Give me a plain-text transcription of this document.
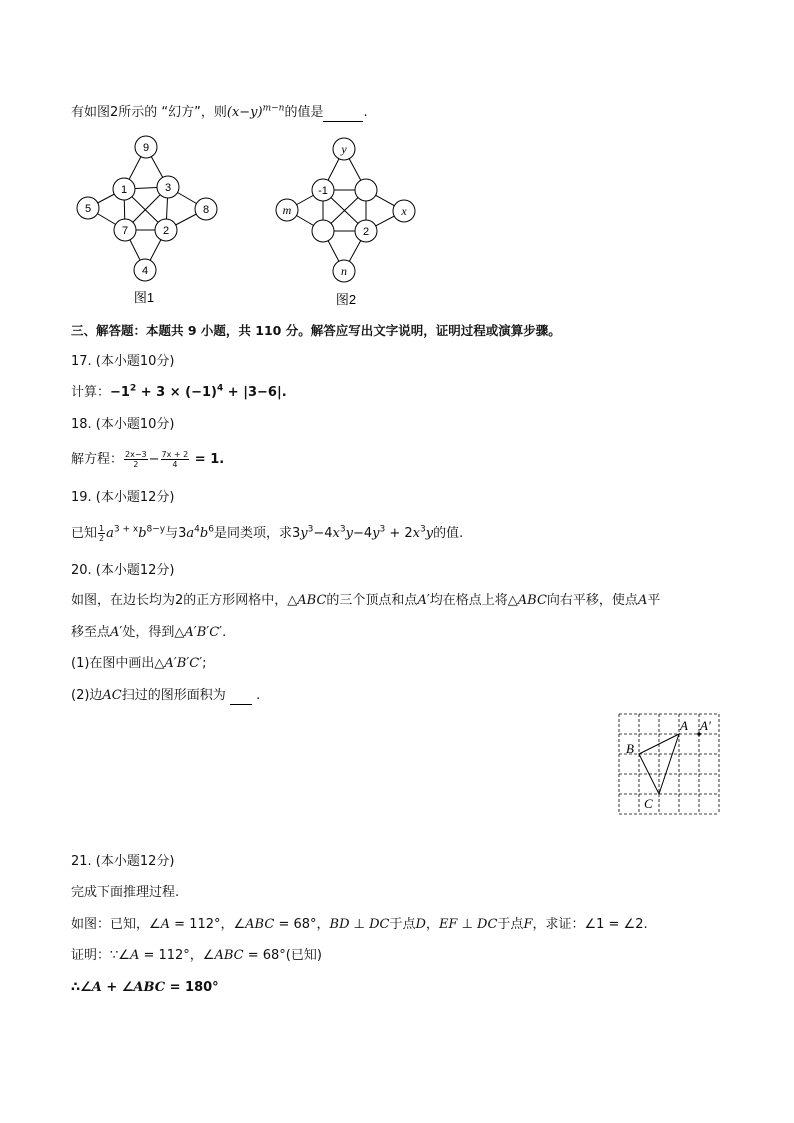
有如图2所示的 “幻方”，则$(x-y)^{m-n}$的值是	.
9
1	3
5	8
7	2
4
图1
y
-1
m	x
2
n
图2
三、解答题：本题共 9 小题，共 110 分。解答应写出文字说明，证明过程或演算步骤。
17. (本小题10分)
计算：$-1^2 + 3 \times (-1)^4 + |3-6|$.
18. (本小题10分)
解方程： $\frac{2x-3}{2} - \frac{7x + 2}{4} = 1$.
19. (本小题12分)
已知 $\frac{1}{2} a^{3 + x}b^{8-y}$与$3a^4b^6$是同类项，求$3y^3-4x^3y-4y^3 + 2x^3y$的值.
20. (本小题12分)
如图，在边长均为2的正方形网格中，△ABC的三个顶点和点A′均在格点上将△ABC向右平移，使点A平
移至点A′处，得到△A′B′C′.
(1)在图中画出△A′B′C′;
(2)边AC扫过的图形面积为 .
A A′
B
C
21. (本小题12分)
完成下面推理过程.
如图：已知，∠A = 112°，∠ABC = 68°，BD ⊥ DC于点D，EF ⊥ DC于点F，求证：∠1 = ∠2.
证明：∵∠A = 112°，∠ABC = 68°(已知)
∴∠A + ∠ABC = 180°
